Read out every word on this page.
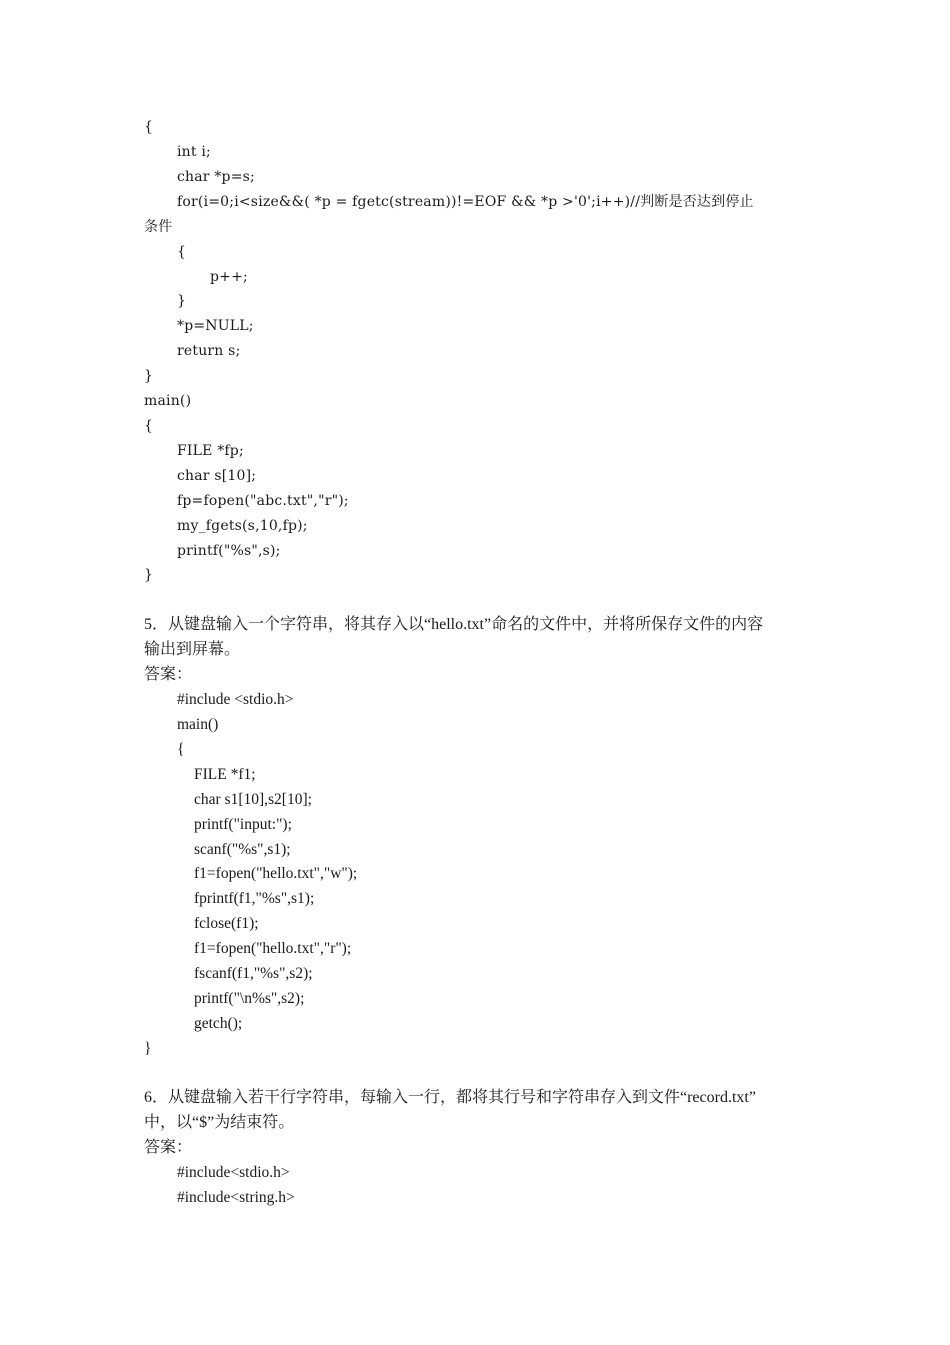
{
int i;
char *p=s;
for(i=0;i<size&&( *p = fgetc(stream))!=EOF && *p >'0';i++)//判断是否达到停止
条件
{
p++;
}
*p=NULL;
return s;
}
main()
{
FILE *fp;
char s[10];
fp=fopen("abc.txt","r");
my_fgets(s,10,fp);
printf("%s",s);
}
5．从键盘输入一个字符串，将其存入以“hello.txt”命名的文件中，并将所保存文件的内容
输出到屏幕。
答案：
#include <stdio.h>
main()
{
FILE *f1;
char s1[10],s2[10];
printf("input:");
scanf("%s",s1);
f1=fopen("hello.txt","w");
fprintf(f1,"%s",s1);
fclose(f1);
f1=fopen("hello.txt","r");
fscanf(f1,"%s",s2);
printf("\n%s",s2);
getch();
}
6．从键盘输入若干行字符串，每输入一行，都将其行号和字符串存入到文件“record.txt”
中，以“$”为结束符。
答案：
#include<stdio.h>
#include<string.h>
